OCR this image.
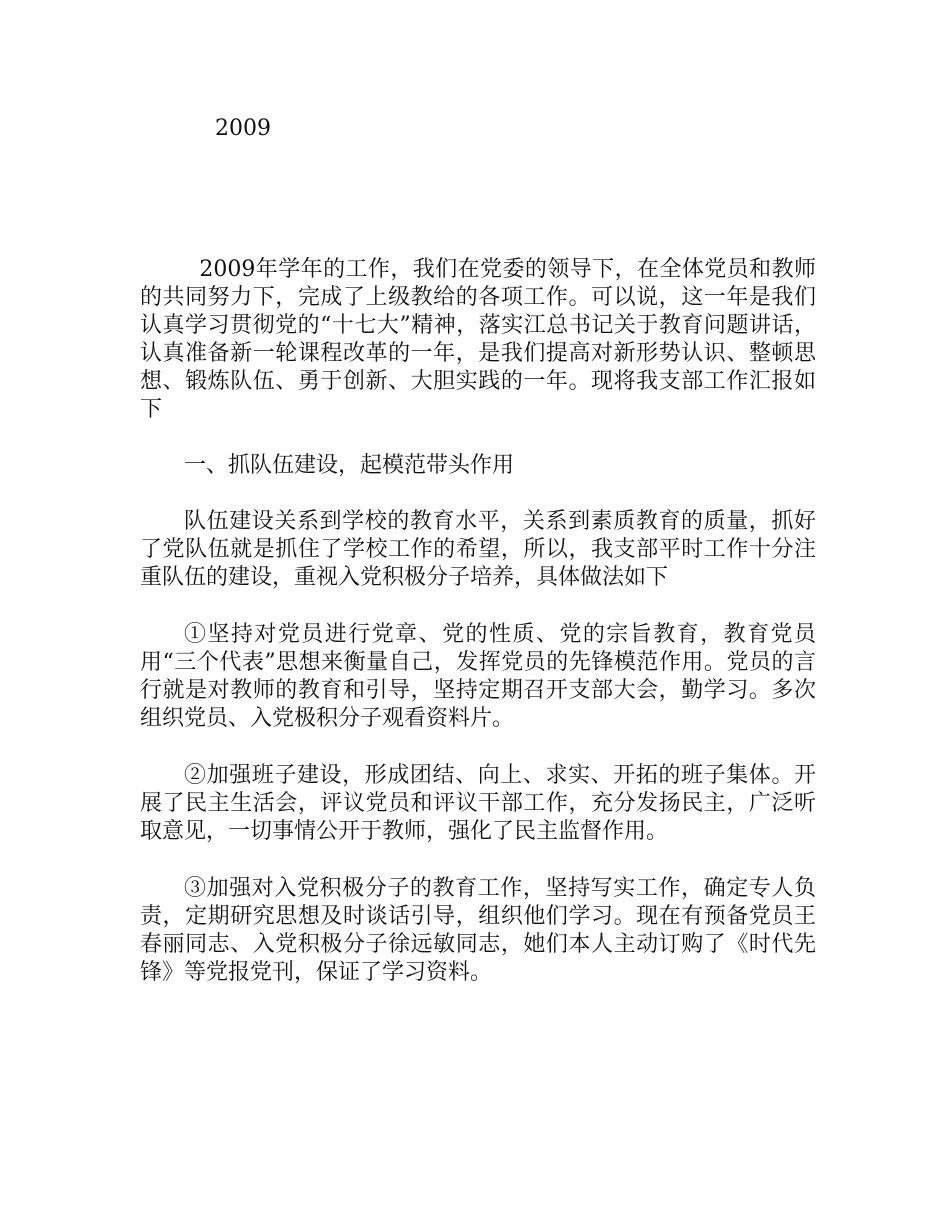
2009

2009年学年的工作，我们在党委的领导下，在全体党员和教师的共同努力下，完成了上级教给的各项工作。可以说，这一年是我们认真学习贯彻党的“十七大”精神，落实江总书记关于教育问题讲话，认真准备新一轮课程改革的一年，是我们提高对新形势认识、整顿思想、锻炼队伍、勇于创新、大胆实践的一年。现将我支部工作汇报如下

一、抓队伍建设，起模范带头作用

队伍建设关系到学校的教育水平，关系到素质教育的质量，抓好了党队伍就是抓住了学校工作的希望，所以，我支部平时工作十分注重队伍的建设，重视入党积极分子培养，具体做法如下

①坚持对党员进行党章、党的性质、党的宗旨教育，教育党员用“三个代表”思想来衡量自己，发挥党员的先锋模范作用。党员的言行就是对教师的教育和引导，坚持定期召开支部大会，勤学习。多次组织党员、入党极积分子观看资料片。

②加强班子建设，形成团结、向上、求实、开拓的班子集体。开展了民主生活会，评议党员和评议干部工作，充分发扬民主，广泛听取意见，一切事情公开于教师，强化了民主监督作用。

③加强对入党积极分子的教育工作，坚持写实工作，确定专人负责，定期研究思想及时谈话引导，组织他们学习。现在有预备党员王春丽同志、入党积极分子徐远敏同志，她们本人主动订购了《时代先锋》等党报党刊，保证了学习资料。
